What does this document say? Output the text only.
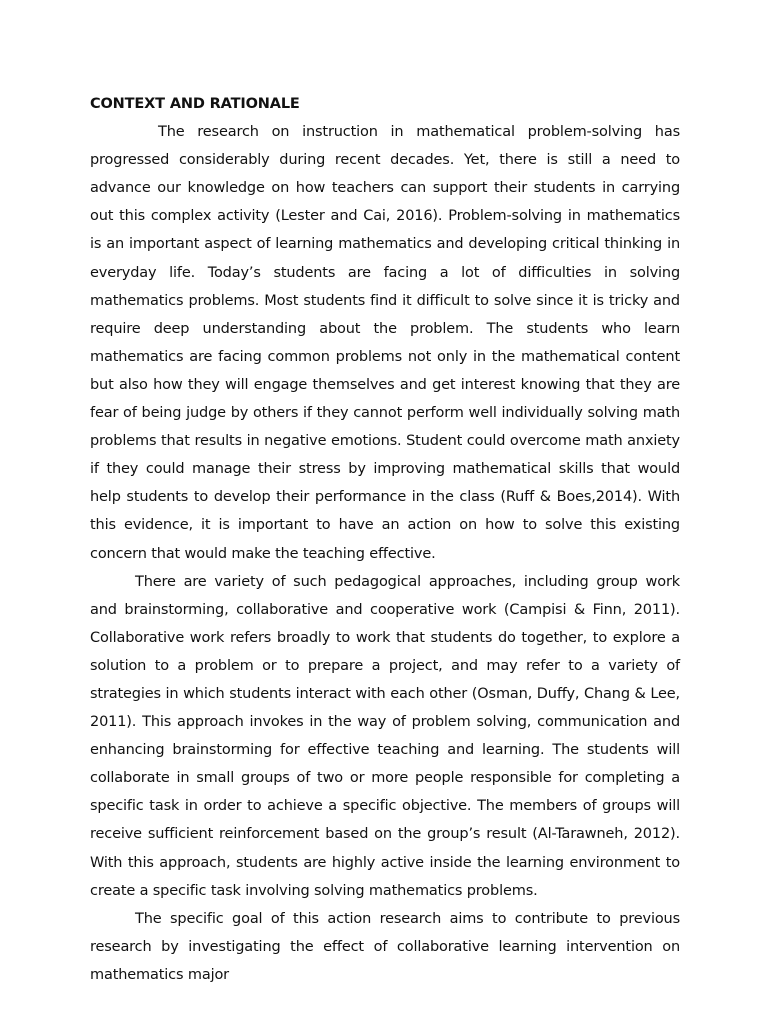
CONTEXT AND RATIONALE

The research on instruction in mathematical problem-solving has progressed considerably during recent decades. Yet, there is still a need to advance our knowledge on how teachers can support their students in carrying out this complex activity (Lester and Cai, 2016). Problem-solving in mathematics is an important aspect of learning mathematics and developing critical thinking in everyday life. Today’s students are facing a lot of difficulties in solving mathematics problems. Most students find it difficult to solve since it is tricky and require deep understanding about the problem. The students who learn mathematics are facing common problems not only in the mathematical content but also how they will engage themselves and get interest knowing that they are fear of being judge by others if they cannot perform well individually solving math problems that results in negative emotions. Student could overcome math anxiety if they could manage their stress by improving mathematical skills that would help students to develop their performance in the class (Ruff & Boes,2014). With this evidence, it is important to have an action on how to solve this existing concern that would make the teaching effective.

There are variety of such pedagogical approaches, including group work and brainstorming, collaborative and cooperative work (Campisi & Finn, 2011). Collaborative work refers broadly to work that students do together, to explore a solution to a problem or to prepare a project, and may refer to a variety of strategies in which students interact with each other (Osman, Duffy, Chang & Lee, 2011). This approach invokes in the way of problem solving, communication and enhancing brainstorming for effective teaching and learning. The students will collaborate in small groups of two or more people responsible for completing a specific task in order to achieve a specific objective. The members of groups will receive sufficient reinforcement based on the group’s result (Al-Tarawneh, 2012). With this approach, students are highly active inside the learning environment to create a specific task involving solving mathematics problems.

The specific goal of this action research aims to contribute to previous research by investigating the effect of collaborative learning intervention on mathematics major
